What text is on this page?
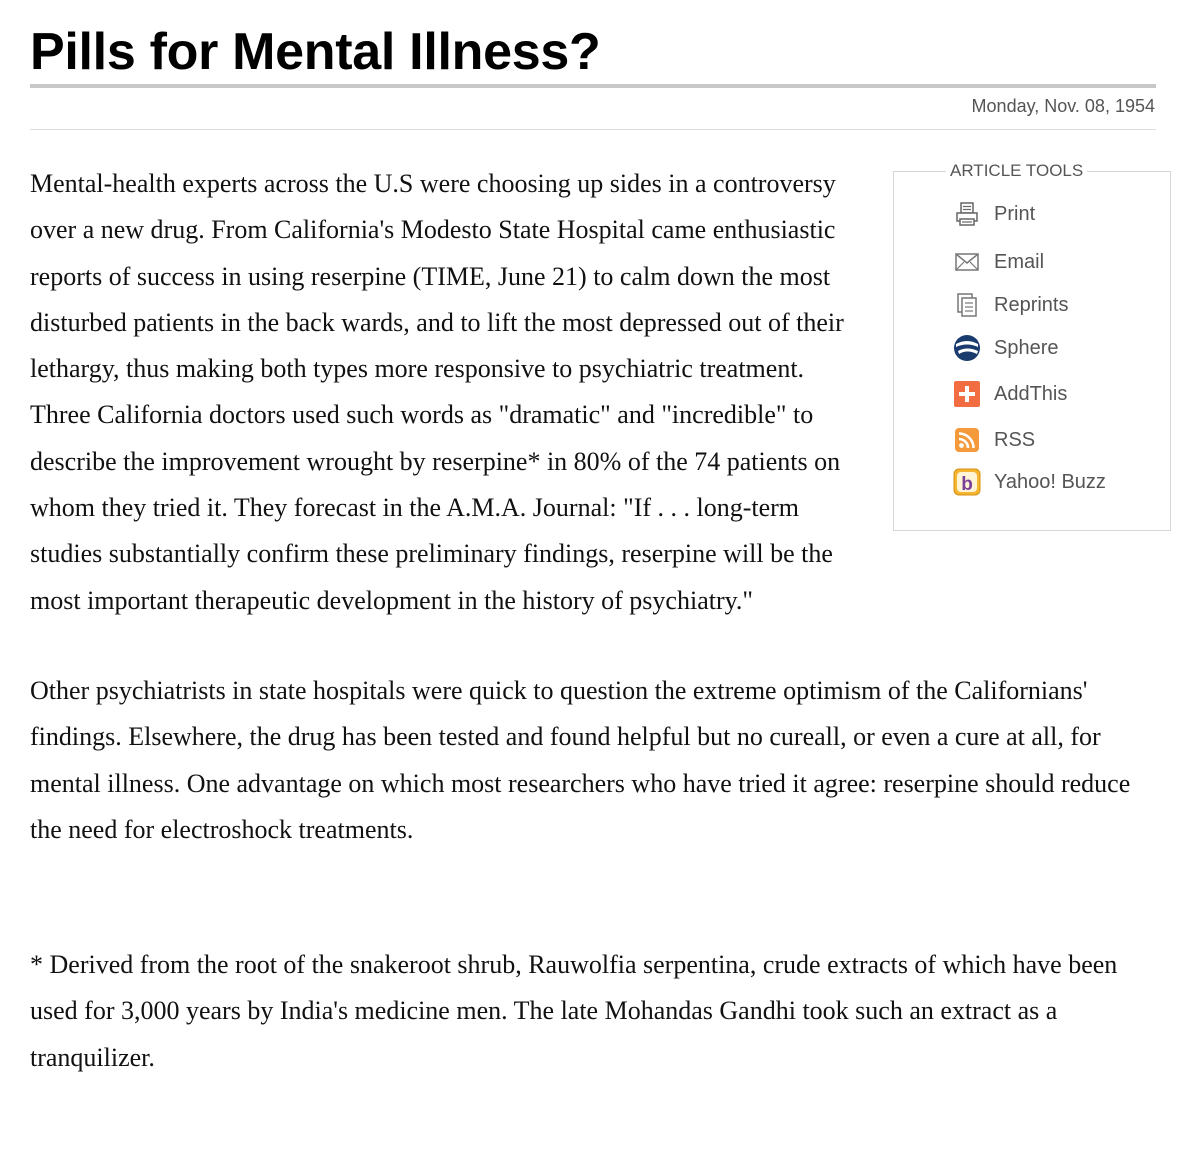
Pills for Mental Illness?
Monday, Nov. 08, 1954
ARTICLE TOOLS
Print
Email
Reprints
Sphere
AddThis
RSS
b Yahoo! Buzz

Mental-health experts across the U.S were choosing up sides in a controversy over a new drug. From California's Modesto State Hospital came enthusiastic reports of success in using reserpine (TIME, June 21) to calm down the most disturbed patients in the back wards, and to lift the most depressed out of their lethargy, thus making both types more responsive to psychiatric treatment. Three California doctors used such words as "dramatic" and "incredible" to describe the improvement wrought by reserpine* in 80% of the 74 patients on whom they tried it. They forecast in the A.M.A. Journal: "If . . . long-term studies substantially confirm these preliminary findings, reserpine will be the most important therapeutic development in the history of psychiatry."

Other psychiatrists in state hospitals were quick to question the extreme optimism of the Californians' findings. Elsewhere, the drug has been tested and found helpful but no cureall, or even a cure at all, for mental illness. One advantage on which most researchers who have tried it agree: reserpine should reduce the need for electroshock treatments.

* Derived from the root of the snakeroot shrub, Rauwolfia serpentina, crude extracts of which have been used for 3,000 years by India's medicine men. The late Mohandas Gandhi took such an extract as a tranquilizer.
